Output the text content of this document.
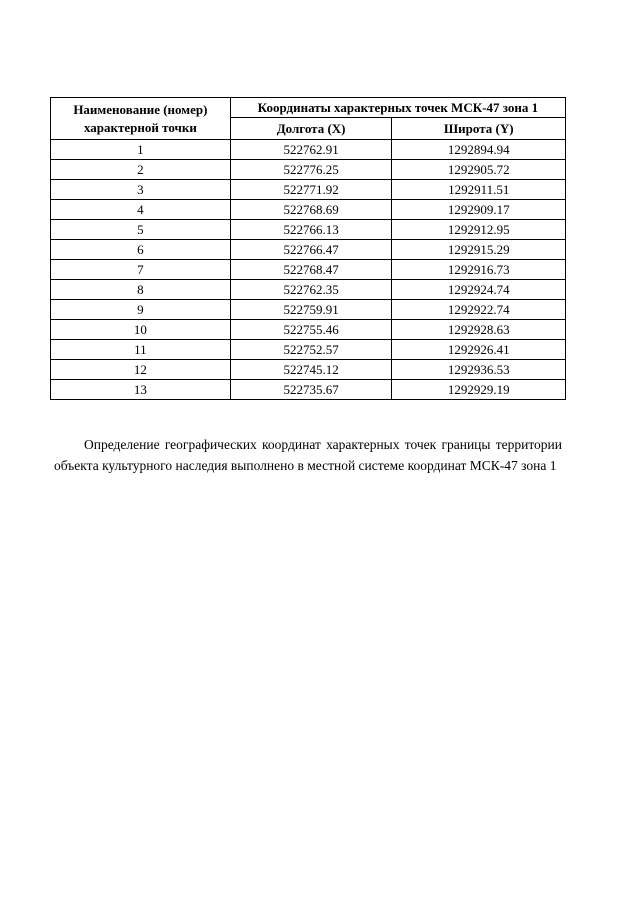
Наименование (номер) характерной точки	Координаты характерных точек МСК-47 зона 1	
	Долгота (X)	Широта (Y)
1	522762.91	1292894.94
2	522776.25	1292905.72
3	522771.92	1292911.51
4	522768.69	1292909.17
5	522766.13	1292912.95
6	522766.47	1292915.29
7	522768.47	1292916.73
8	522762.35	1292924.74
9	522759.91	1292922.74
10	522755.46	1292928.63
11	522752.57	1292926.41
12	522745.12	1292936.53
13	522735.67	1292929.19

Определение географических координат характерных точек границы территории объекта культурного наследия выполнено в местной системе координат МСК-47 зона 1
